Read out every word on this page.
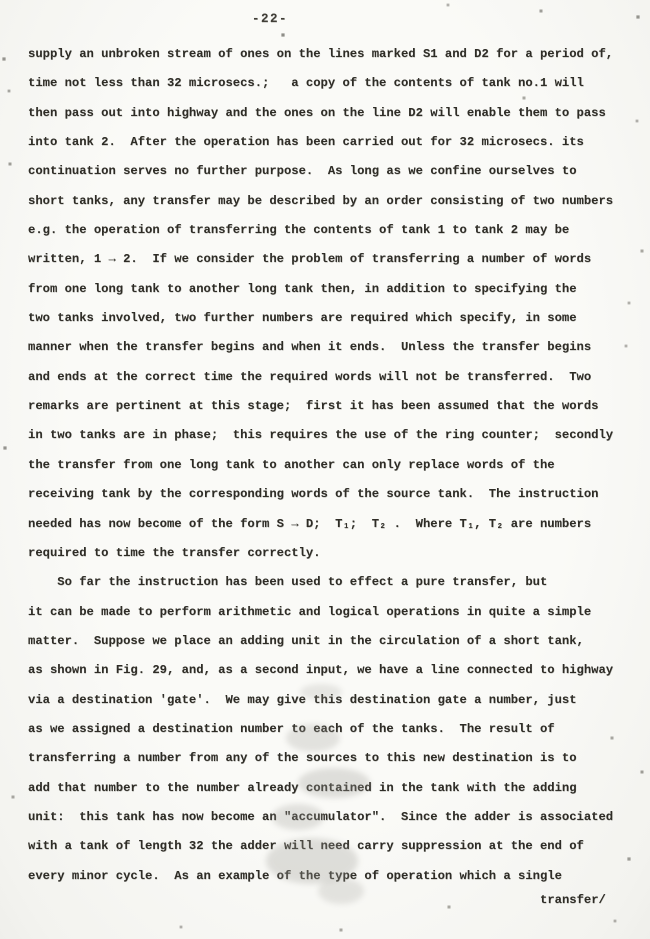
-22-
supply an unbroken stream of ones on the lines marked S1 and D2 for a period of,
time not less than 32 microsecs.;   a copy of the contents of tank no.1 will
then pass out into highway and the ones on the line D2 will enable them to pass
into tank 2.  After the operation has been carried out for 32 microsecs. its
continuation serves no further purpose.  As long as we confine ourselves to
short tanks, any transfer may be described by an order consisting of two numbers
e.g. the operation of transferring the contents of tank 1 to tank 2 may be
written, 1 → 2.  If we consider the problem of transferring a number of words
from one long tank to another long tank then, in addition to specifying the
two tanks involved, two further numbers are required which specify, in some
manner when the transfer begins and when it ends.  Unless the transfer begins
and ends at the correct time the required words will not be transferred.  Two
remarks are pertinent at this stage;  first it has been assumed that the words
in two tanks are in phase;  this requires the use of the ring counter;  secondly
the transfer from one long tank to another can only replace words of the
receiving tank by the corresponding words of the source tank.  The instruction
needed has now become of the form S → D;  T₁;  T₂ .  Where T₁, T₂ are numbers
required to time the transfer correctly.
So far the instruction has been used to effect a pure transfer, but
it can be made to perform arithmetic and logical operations in quite a simple
matter.  Suppose we place an adding unit in the circulation of a short tank,
as shown in Fig. 29, and, as a second input, we have a line connected to highway
via a destination 'gate'.  We may give this destination gate a number, just
as we assigned a destination number to each of the tanks.  The result of
transferring a number from any of the sources to this new destination is to
add that number to the number already contained in the tank with the adding
unit:  this tank has now become an "accumulator".  Since the adder is associated
with a tank of length 32 the adder will need carry suppression at the end of
every minor cycle.  As an example of the type of operation which a single
transfer/
